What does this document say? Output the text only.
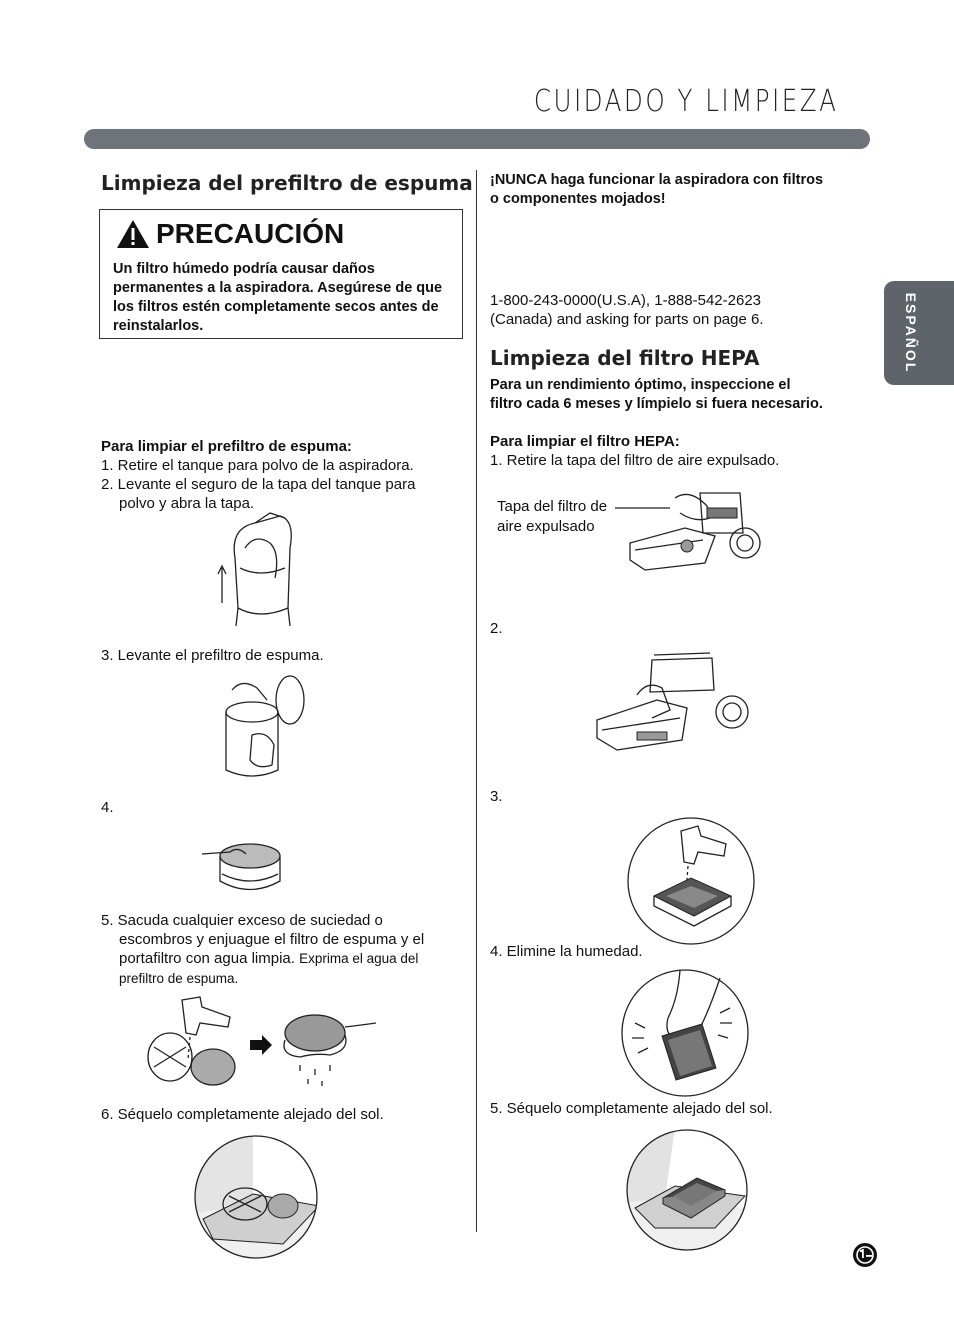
CUIDADO Y LIMPIEZA
ESPAÑOL
Limpieza del prefiltro de espuma
PRECAUCIÓN
Un filtro húmedo podría causar daños permanentes a la aspiradora. Asegúrese de que los filtros estén completamente secos antes de reinstalarlos.
Para limpiar el prefiltro de espuma:
1. Retire el tanque para polvo de la aspiradora.
2. Levante el seguro de la tapa del tanque para
polvo y abra la tapa.
3. Levante el prefiltro de espuma.
4.
5. Sacuda cualquier exceso de suciedad o
escombros y enjuague el filtro de espuma y el
portafiltro con agua limpia. Exprima el agua del
prefiltro de espuma.
6. Séquelo completamente alejado del sol.
¡NUNCA haga funcionar la aspiradora con filtros
o componentes mojados!
1-800-243-0000(U.S.A), 1-888-542-2623
(Canada) and asking for parts on page 6.
Limpieza del filtro HEPA
Para un rendimiento óptimo, inspeccione el
filtro cada 6 meses y límpielo si fuera necesario.
Para limpiar el filtro HEPA:
1. Retire la tapa del filtro de aire expulsado.
Tapa del filtro de
aire expulsado
2.
3.
4. Elimine la humedad.
5. Séquelo completamente alejado del sol.
